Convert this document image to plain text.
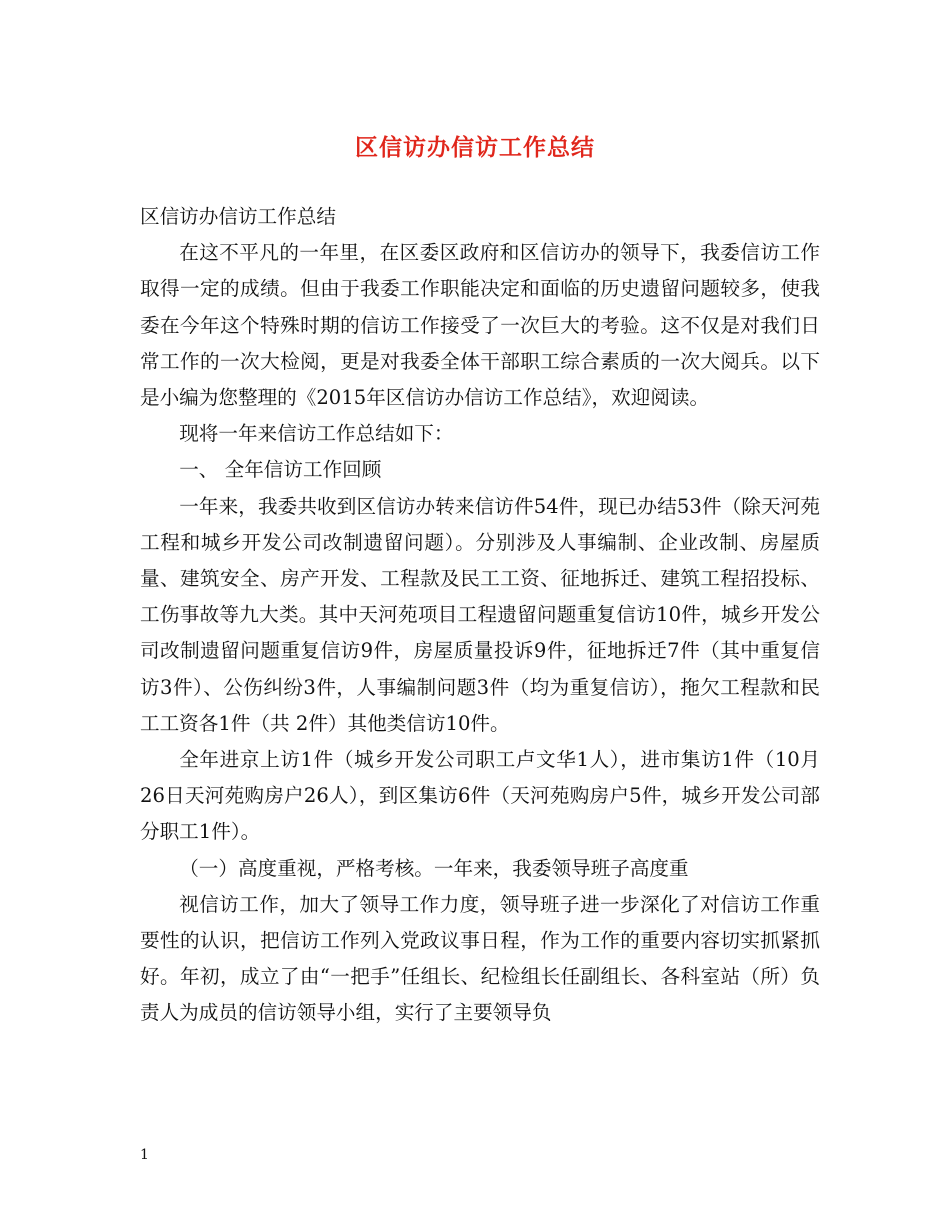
区信访办信访工作总结

区信访办信访工作总结

在这不平凡的一年里，在区委区政府和区信访办的领导下，我委信访工作取得一定的成绩。但由于我委工作职能决定和面临的历史遗留问题较多，使我委在今年这个特殊时期的信访工作接受了一次巨大的考验。这不仅是对我们日常工作的一次大检阅，更是对我委全体干部职工综合素质的一次大阅兵。以下是小编为您整理的《2015年区信访办信访工作总结》，欢迎阅读。

现将一年来信访工作总结如下：

一、 全年信访工作回顾

一年来，我委共收到区信访办转来信访件54件，现已办结53件（除天河苑工程和城乡开发公司改制遗留问题）。分别涉及人事编制、企业改制、房屋质量、建筑安全、房产开发、工程款及民工工资、征地拆迁、建筑工程招投标、工伤事故等九大类。其中天河苑项目工程遗留问题重复信访10件，城乡开发公司改制遗留问题重复信访9件，房屋质量投诉9件，征地拆迁7件（其中重复信访3件）、公伤纠纷3件，人事编制问题3件（均为重复信访），拖欠工程款和民工工资各1件（共 2件）其他类信访10件。

全年进京上访1件（城乡开发公司职工卢文华1人），进市集访1件（10月26日天河苑购房户26人），到区集访6件（天河苑购房户5件，城乡开发公司部分职工1件）。

（一）高度重视，严格考核。一年来，我委领导班子高度重

视信访工作，加大了领导工作力度，领导班子进一步深化了对信访工作重要性的认识，把信访工作列入党政议事日程，作为工作的重要内容切实抓紧抓好。年初，成立了由“一把手”任组长、纪检组长任副组长、各科室站（所）负责人为成员的信访领导小组，实行了主要领导负

1
